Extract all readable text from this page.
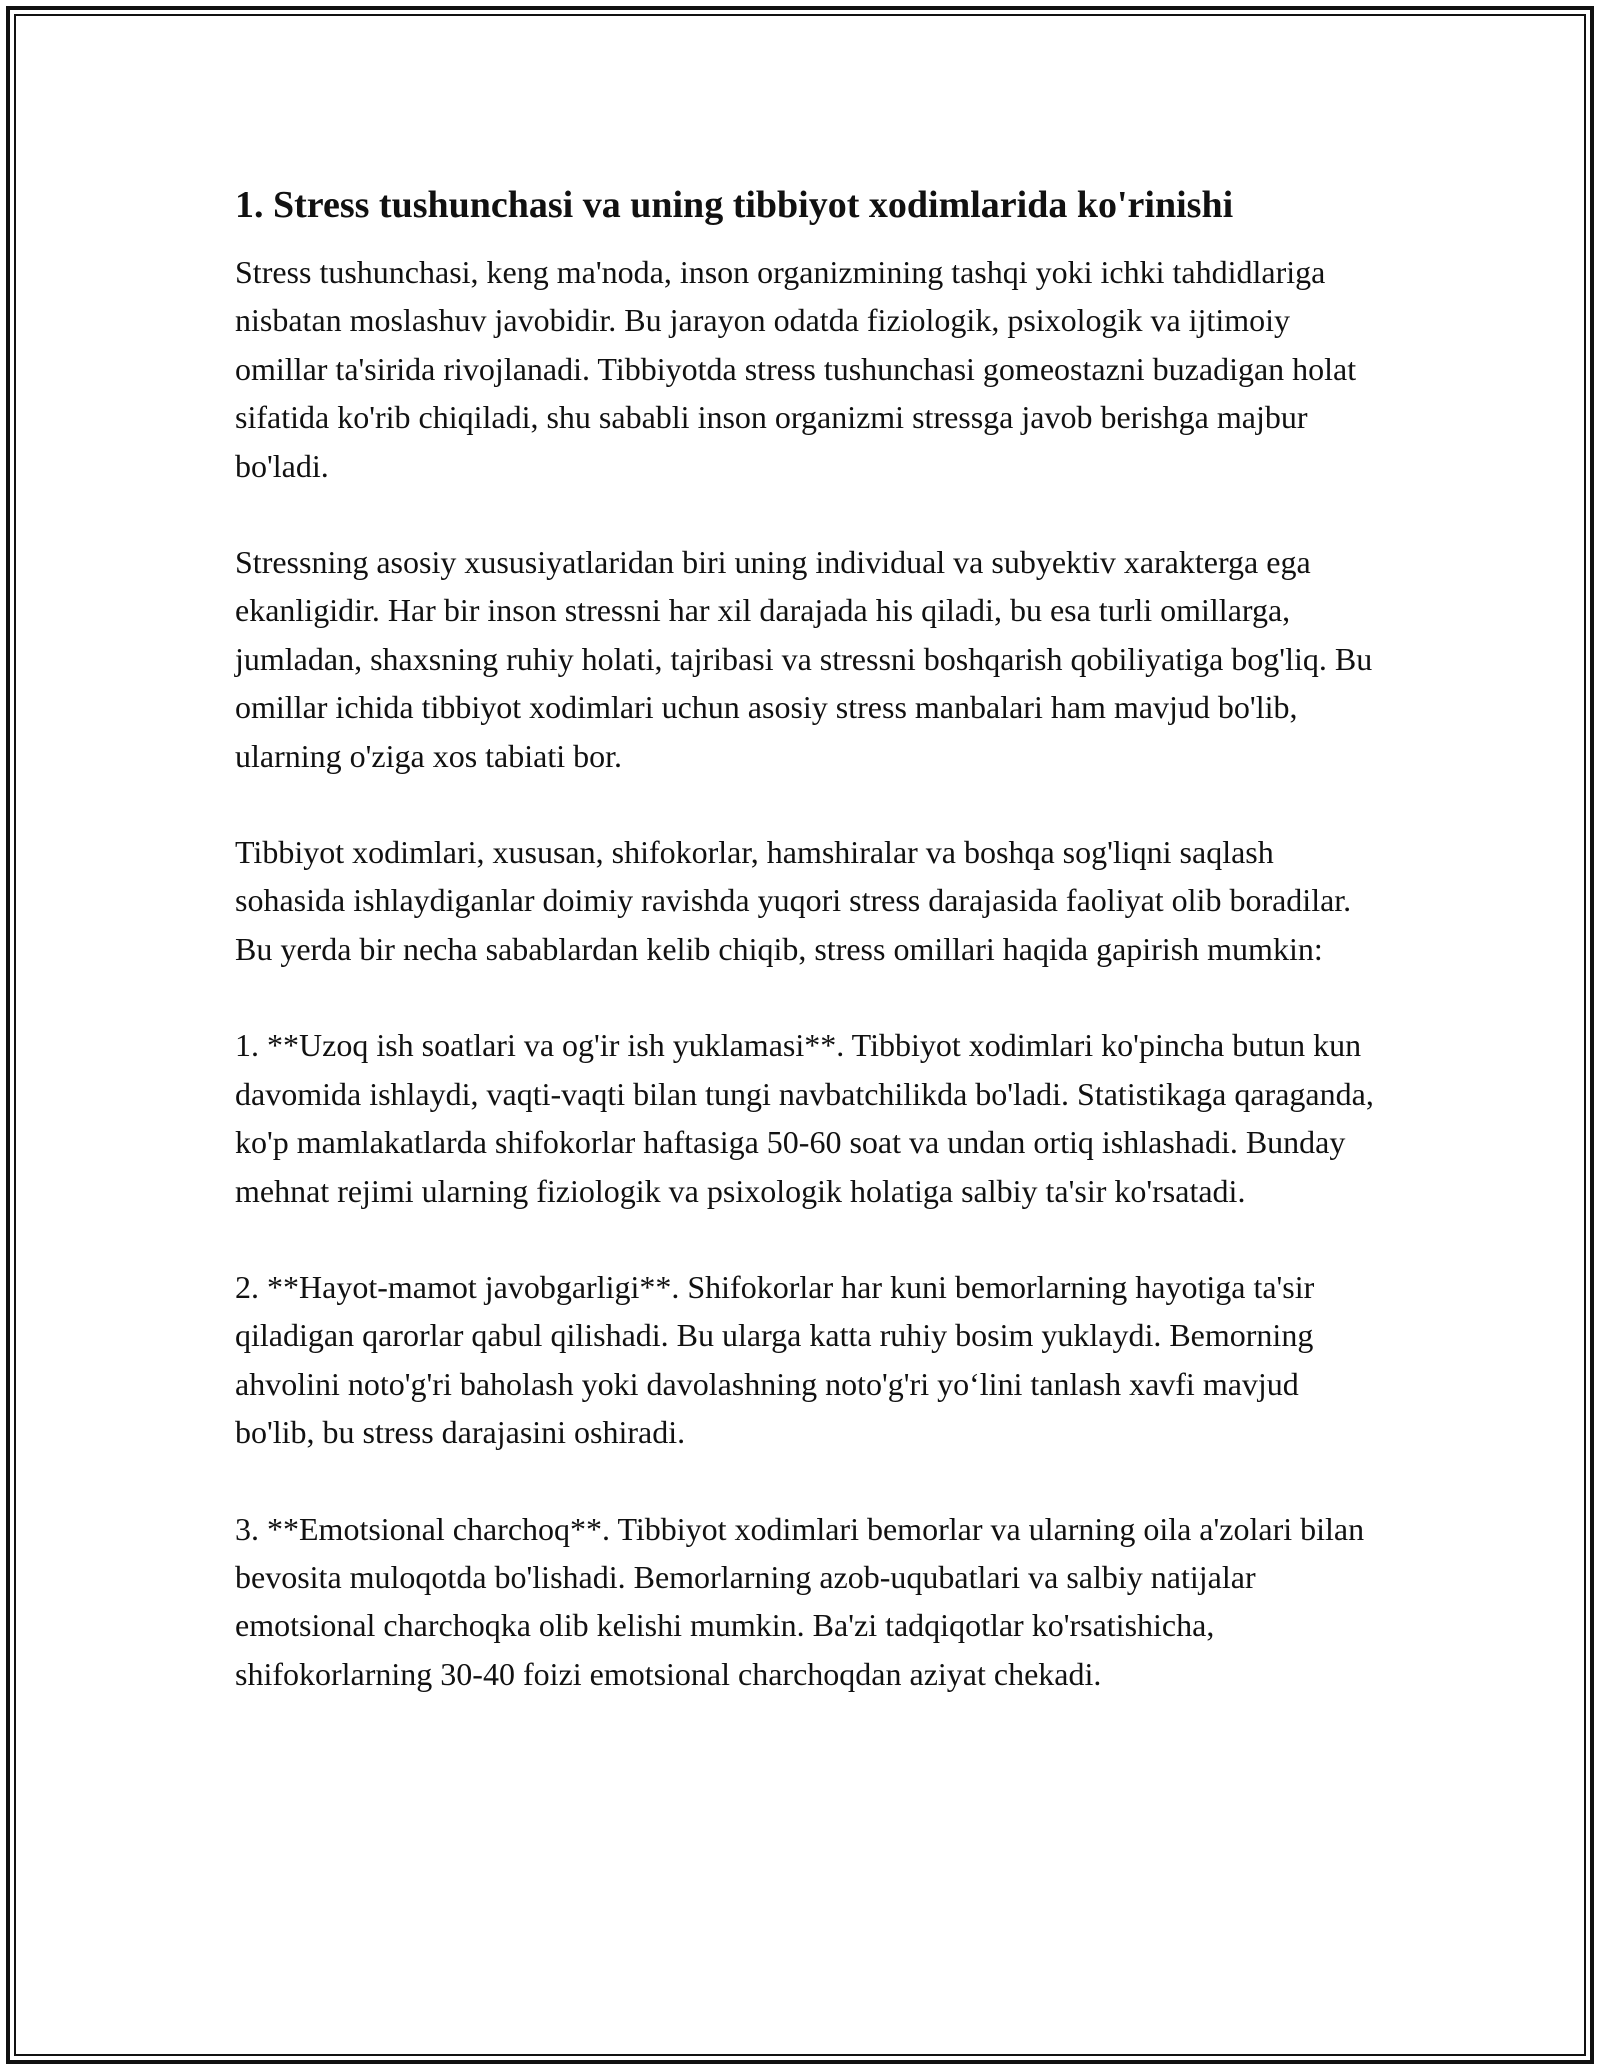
1. Stress tushunchasi va uning tibbiyot xodimlarida ko'rinishi

Stress tushunchasi, keng ma'noda, inson organizmining tashqi yoki ichki tahdidlariga nisbatan moslashuv javobidir. Bu jarayon odatda fiziologik, psixologik va ijtimoiy omillar ta'sirida rivojlanadi. Tibbiyotda stress tushunchasi gomeostazni buzadigan holat sifatida ko'rib chiqiladi, shu sababli inson organizmi stressga javob berishga majbur bo'ladi.

Stressning asosiy xususiyatlaridan biri uning individual va subyektiv xarakterga ega ekanligidir. Har bir inson stressni har xil darajada his qiladi, bu esa turli omillarga, jumladan, shaxsning ruhiy holati, tajribasi va stressni boshqarish qobiliyatiga bog'liq. Bu omillar ichida tibbiyot xodimlari uchun asosiy stress manbalari ham mavjud bo'lib, ularning o'ziga xos tabiati bor.

Tibbiyot xodimlari, xususan, shifokorlar, hamshiralar va boshqa sog'liqni saqlash sohasida ishlaydiganlar doimiy ravishda yuqori stress darajasida faoliyat olib boradilar. Bu yerda bir necha sabablardan kelib chiqib, stress omillari haqida gapirish mumkin:

1. **Uzoq ish soatlari va og'ir ish yuklamasi**. Tibbiyot xodimlari ko'pincha butun kun davomida ishlaydi, vaqti-vaqti bilan tungi navbatchilikda bo'ladi. Statistikaga qaraganda, ko'p mamlakatlarda shifokorlar haftasiga 50-60 soat va undan ortiq ishlashadi. Bunday mehnat rejimi ularning fiziologik va psixologik holatiga salbiy ta'sir ko'rsatadi.

2. **Hayot-mamot javobgarligi**. Shifokorlar har kuni bemorlarning hayotiga ta'sir qiladigan qarorlar qabul qilishadi. Bu ularga katta ruhiy bosim yuklaydi. Bemorning ahvolini noto'g'ri baholash yoki davolashning noto'g'ri yo‘lini tanlash xavfi mavjud bo'lib, bu stress darajasini oshiradi.

3. **Emotsional charchoq**. Tibbiyot xodimlari bemorlar va ularning oila a'zolari bilan bevosita muloqotda bo'lishadi. Bemorlarning azob-uqubatlari va salbiy natijalar emotsional charchoqka olib kelishi mumkin. Ba'zi tadqiqotlar ko'rsatishicha, shifokorlarning 30-40 foizi emotsional charchoqdan aziyat chekadi.
